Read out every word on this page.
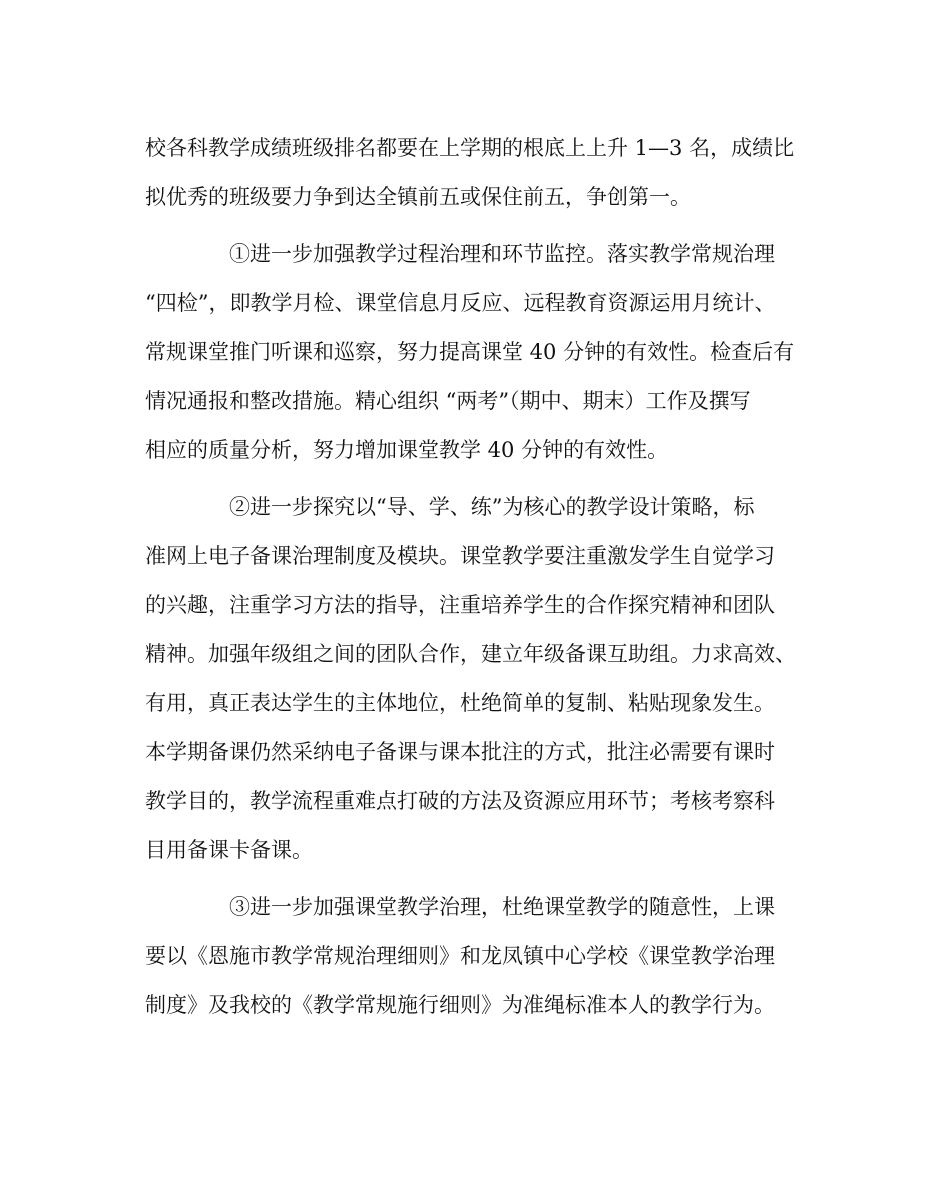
校各科教学成绩班级排名都要在上学期的根底上上升 1—3 名，成绩比
拟优秀的班级要力争到达全镇前五或保住前五，争创第一。
①进一步加强教学过程治理和环节监控。落实教学常规治理
“四检”，即教学月检、课堂信息月反应、远程教育资源运用月统计、
常规课堂推门听课和巡察，努力提高课堂 40 分钟的有效性。检查后有
情况通报和整改措施。精心组织 “两考”（期中、期末）工作及撰写
相应的质量分析，努力增加课堂教学 40 分钟的有效性。
②进一步探究以“导、学、练”为核心的教学设计策略，标
准网上电子备课治理制度及模块。课堂教学要注重激发学生自觉学习
的兴趣，注重学习方法的指导，注重培养学生的合作探究精神和团队
精神。加强年级组之间的团队合作，建立年级备课互助组。力求高效、
有用，真正表达学生的主体地位，杜绝简单的复制、粘贴现象发生。
本学期备课仍然采纳电子备课与课本批注的方式，批注必需要有课时
教学目的，教学流程重难点打破的方法及资源应用环节；考核考察科
目用备课卡备课。
③进一步加强课堂教学治理，杜绝课堂教学的随意性，上课
要以《恩施市教学常规治理细则》和龙凤镇中心学校《课堂教学治理
制度》及我校的《教学常规施行细则》为准绳标准本人的教学行为。
